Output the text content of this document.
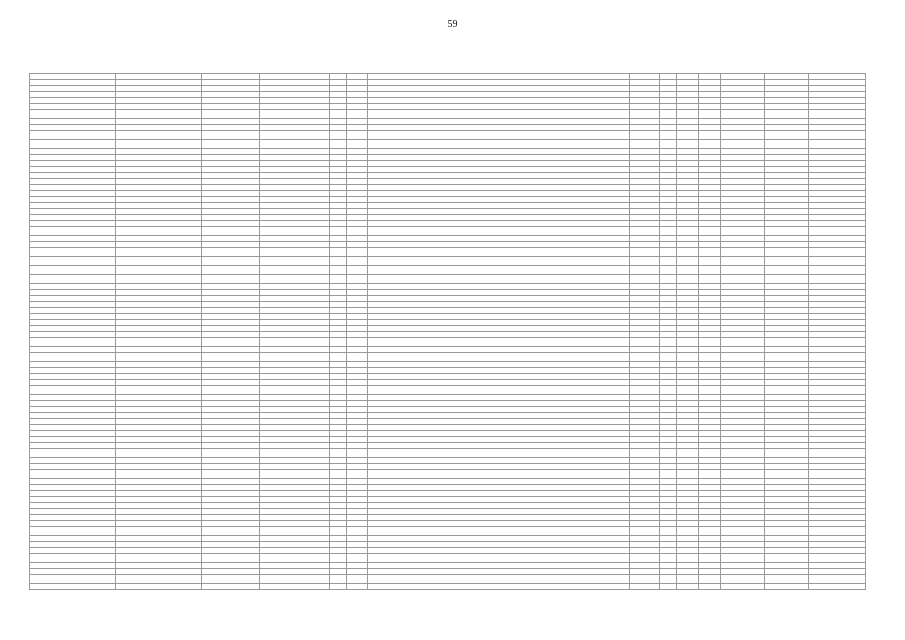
59
